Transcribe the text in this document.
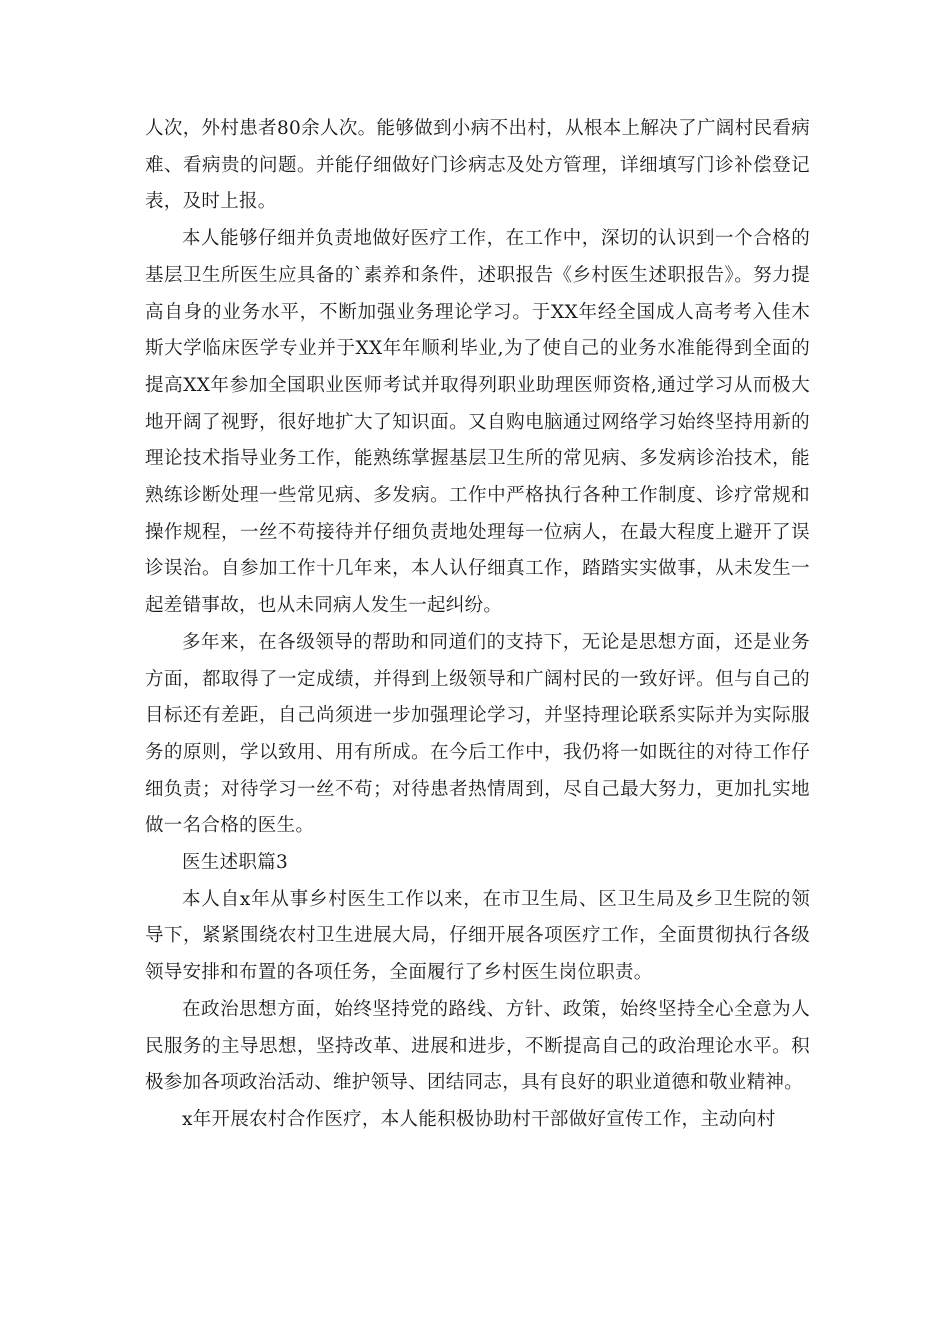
人次，外村患者80余人次。能够做到小病不出村，从根本上解决了广阔村民看病难、看病贵的问题。并能仔细做好门诊病志及处方管理，详细填写门诊补偿登记表，及时上报。

本人能够仔细并负责地做好医疗工作，在工作中，深切的认识到一个合格的基层卫生所医生应具备的`素养和条件，述职报告《乡村医生述职报告》。努力提高自身的业务水平，不断加强业务理论学习。于XX年经全国成人高考考入佳木斯大学临床医学专业并于XX年年顺利毕业,为了使自己的业务水准能得到全面的提高XX年参加全国职业医师考试并取得列职业助理医师资格,通过学习从而极大地开阔了视野，很好地扩大了知识面。又自购电脑通过网络学习始终坚持用新的理论技术指导业务工作，能熟练掌握基层卫生所的常见病、多发病诊治技术，能熟练诊断处理一些常见病、多发病。工作中严格执行各种工作制度、诊疗常规和操作规程，一丝不苟接待并仔细负责地处理每一位病人，在最大程度上避开了误诊误治。自参加工作十几年来，本人认仔细真工作，踏踏实实做事，从未发生一起差错事故，也从未同病人发生一起纠纷。

多年来，在各级领导的帮助和同道们的支持下，无论是思想方面，还是业务方面，都取得了一定成绩，并得到上级领导和广阔村民的一致好评。但与自己的目标还有差距，自己尚须进一步加强理论学习，并坚持理论联系实际并为实际服务的原则，学以致用、用有所成。在今后工作中，我仍将一如既往的对待工作仔细负责；对待学习一丝不苟；对待患者热情周到，尽自己最大努力，更加扎实地做一名合格的医生。

医生述职篇3

本人自x年从事乡村医生工作以来，在市卫生局、区卫生局及乡卫生院的领导下，紧紧围绕农村卫生进展大局，仔细开展各项医疗工作，全面贯彻执行各级领导安排和布置的各项任务，全面履行了乡村医生岗位职责。

在政治思想方面，始终坚持党的路线、方针、政策，始终坚持全心全意为人民服务的主导思想，坚持改革、进展和进步，不断提高自己的政治理论水平。积极参加各项政治活动、维护领导、团结同志，具有良好的职业道德和敬业精神。

x年开展农村合作医疗，本人能积极协助村干部做好宣传工作，主动向村
